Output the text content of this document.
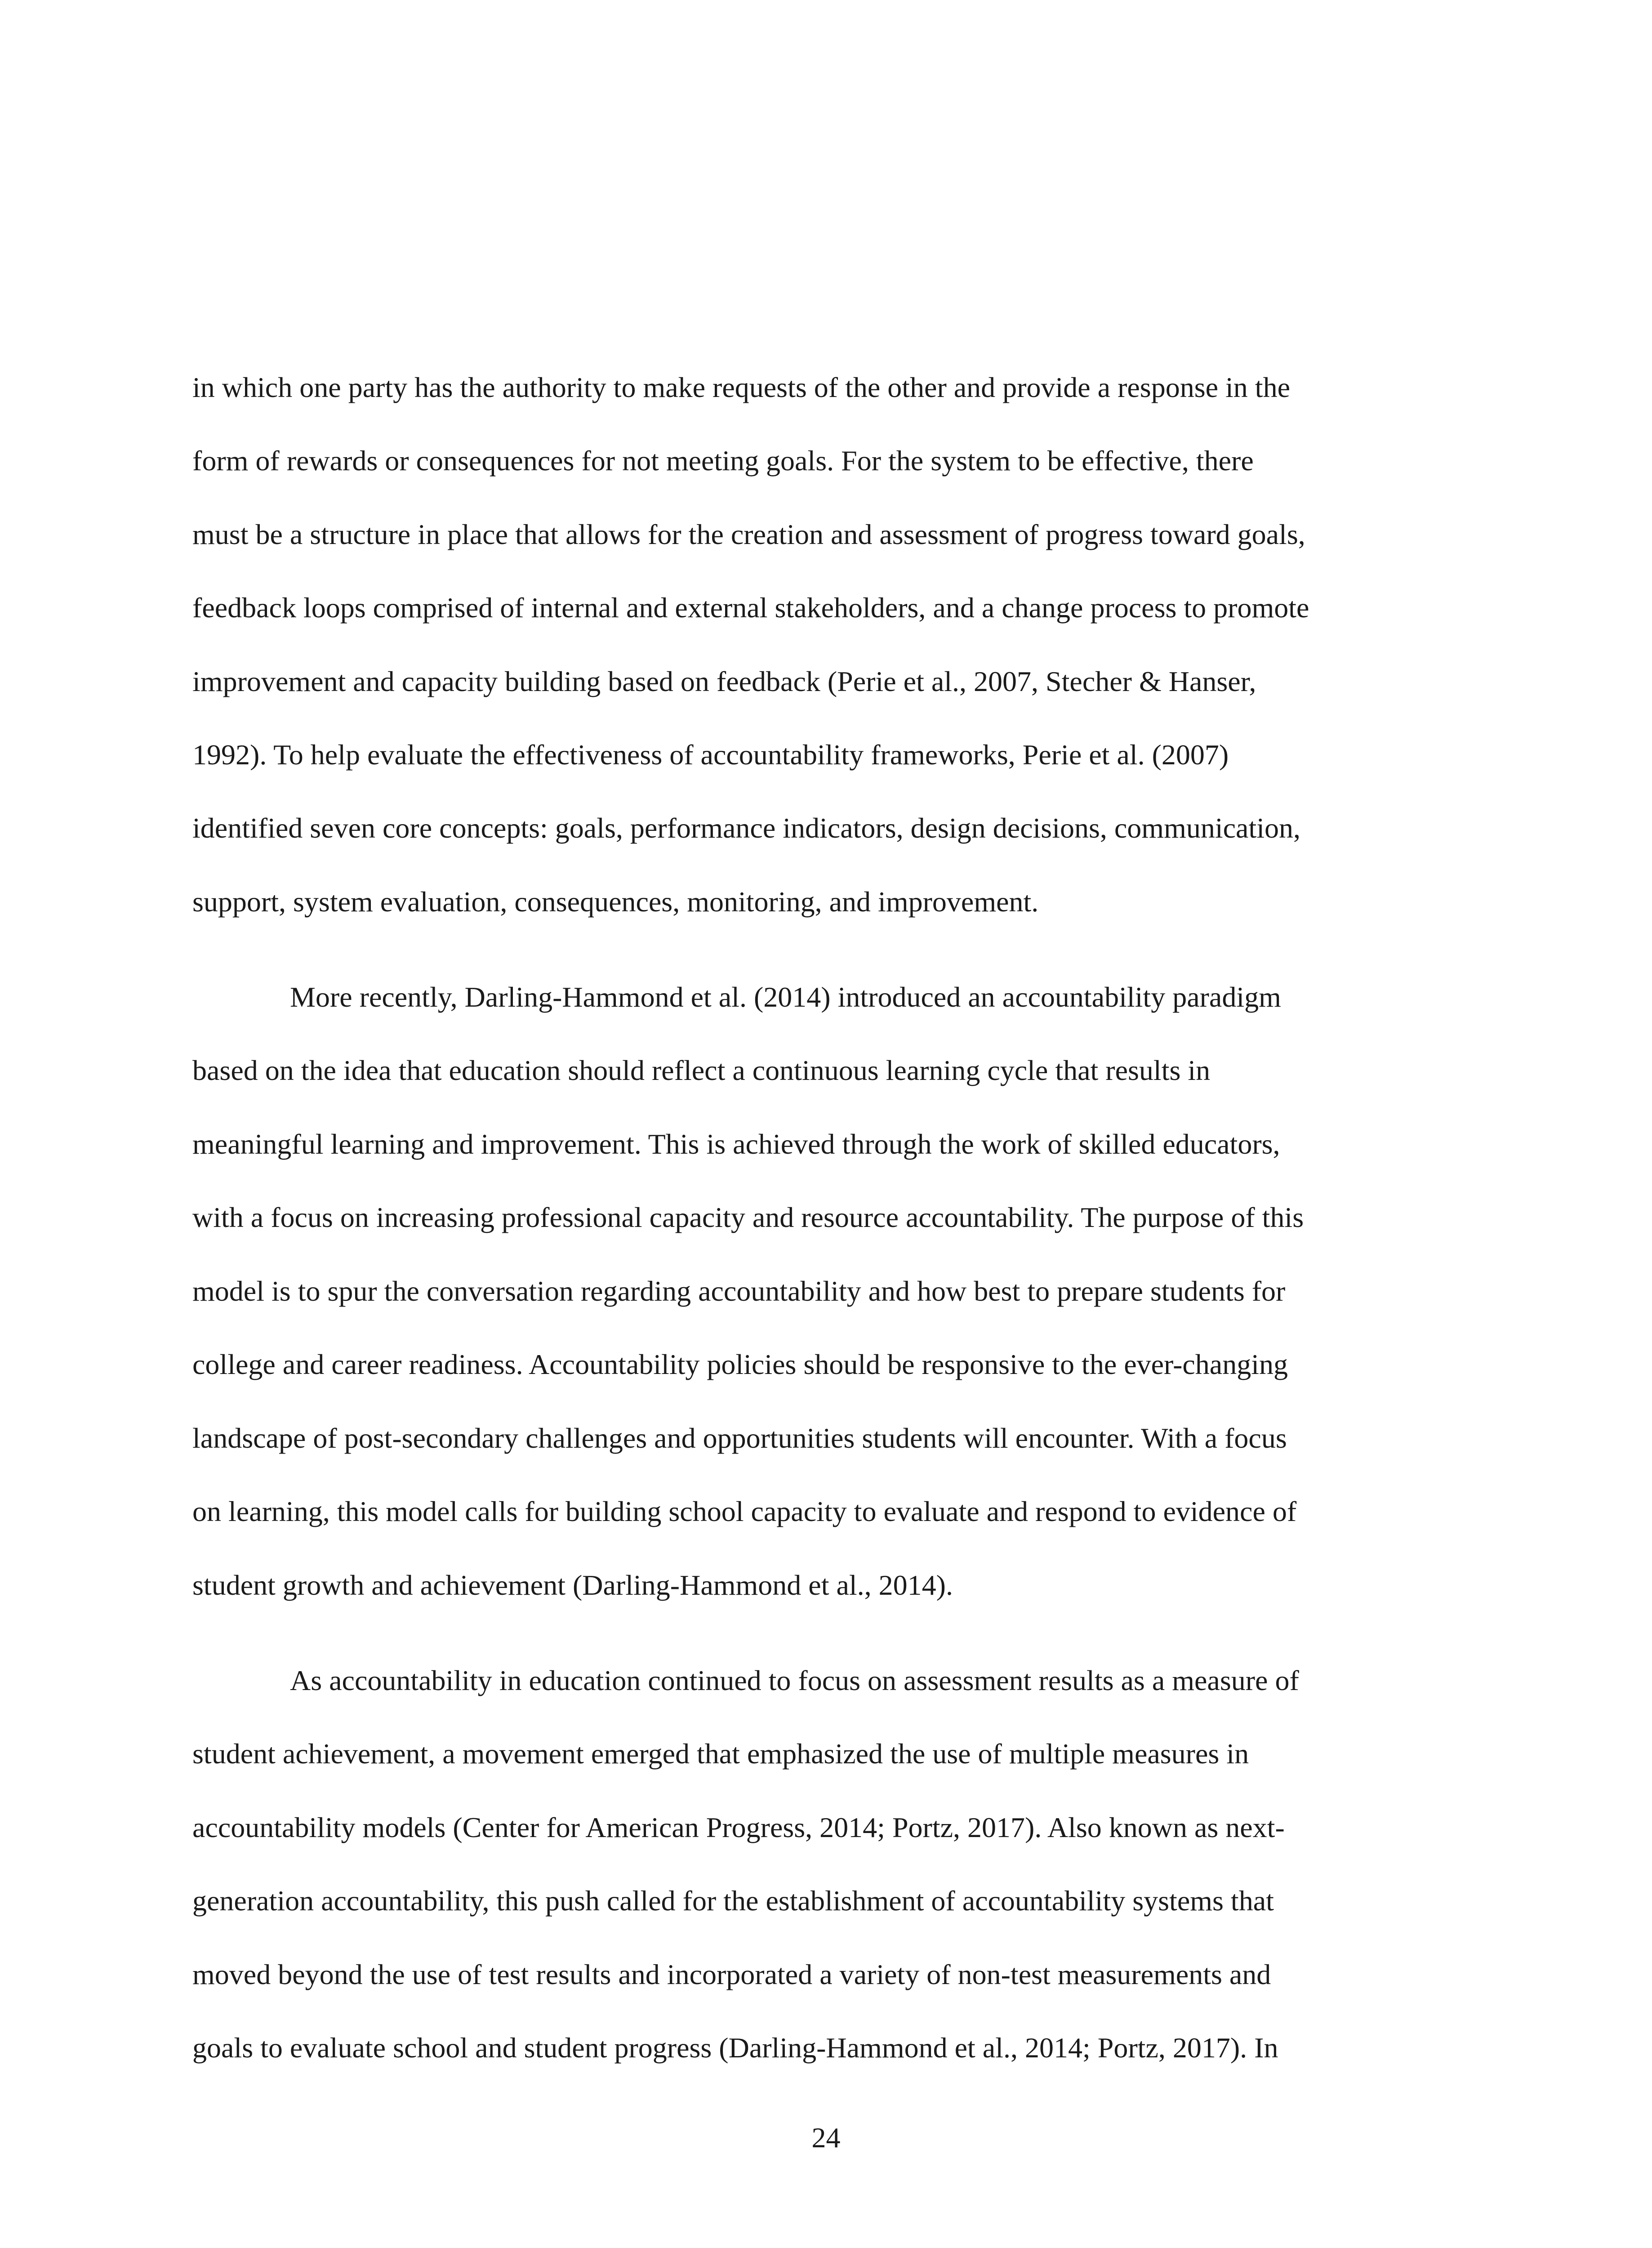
in which one party has the authority to make requests of the other and provide a response in the

form of rewards or consequences for not meeting goals. For the system to be effective, there

must be a structure in place that allows for the creation and assessment of progress toward goals,

feedback loops comprised of internal and external stakeholders, and a change process to promote

improvement and capacity building based on feedback (Perie et al., 2007, Stecher & Hanser,

1992). To help evaluate the effectiveness of accountability frameworks, Perie et al. (2007)

identified seven core concepts: goals, performance indicators, design decisions, communication,

support, system evaluation, consequences, monitoring, and improvement.

More recently, Darling-Hammond et al. (2014) introduced an accountability paradigm

based on the idea that education should reflect a continuous learning cycle that results in

meaningful learning and improvement. This is achieved through the work of skilled educators,

with a focus on increasing professional capacity and resource accountability. The purpose of this

model is to spur the conversation regarding accountability and how best to prepare students for

college and career readiness. Accountability policies should be responsive to the ever-changing

landscape of post-secondary challenges and opportunities students will encounter. With a focus

on learning, this model calls for building school capacity to evaluate and respond to evidence of

student growth and achievement (Darling-Hammond et al., 2014).

As accountability in education continued to focus on assessment results as a measure of

student achievement, a movement emerged that emphasized the use of multiple measures in

accountability models (Center for American Progress, 2014; Portz, 2017). Also known as next-

generation accountability, this push called for the establishment of accountability systems that

moved beyond the use of test results and incorporated a variety of non-test measurements and

goals to evaluate school and student progress (Darling-Hammond et al., 2014; Portz, 2017). In

24
